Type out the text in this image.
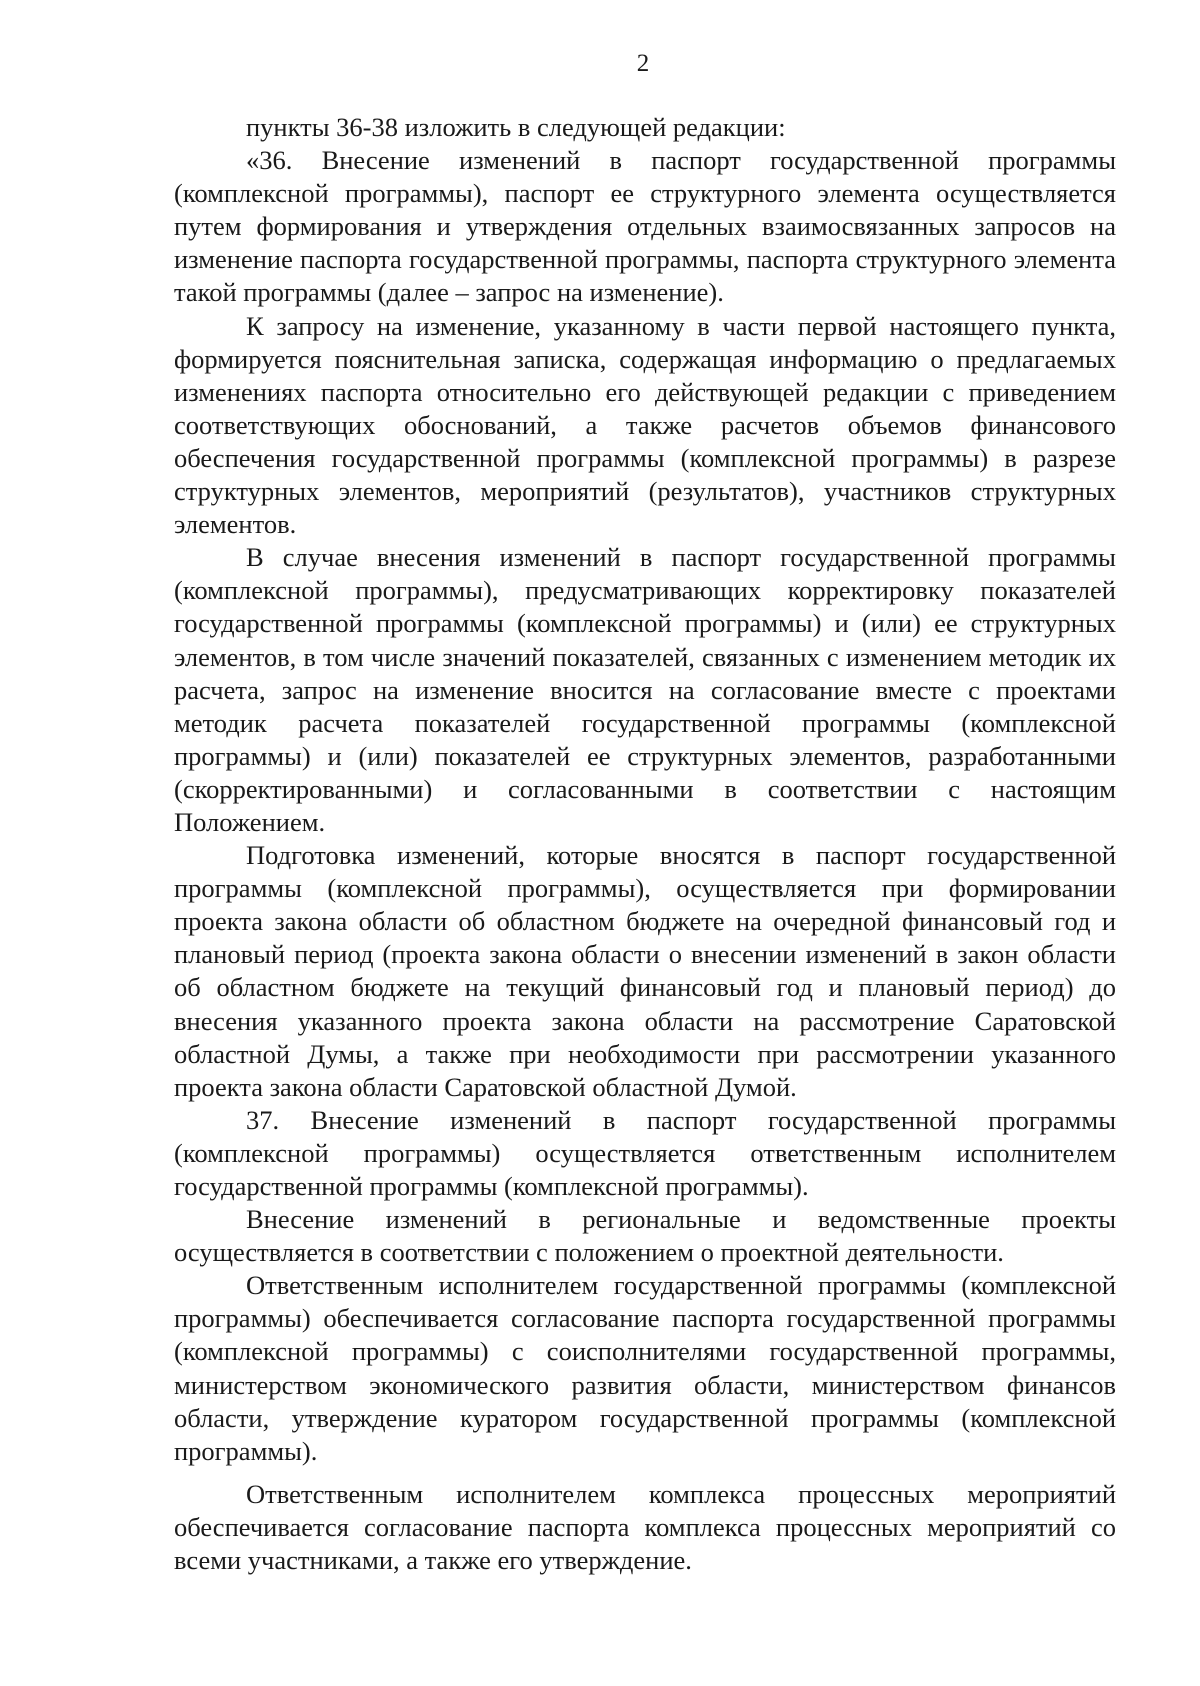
2

пункты 36-38 изложить в следующей редакции:

«36. Внесение изменений в паспорт государственной программы (комплексной программы), паспорт ее структурного элемента осуществляется путем формирования и утверждения отдельных взаимосвязанных запросов на изменение паспорта государственной программы, паспорта структурного элемента такой программы (далее – запрос на изменение).

К запросу на изменение, указанному в части первой настоящего пункта, формируется пояснительная записка, содержащая информацию о предлагаемых изменениях паспорта относительно его действующей редакции с приведением соответствующих обоснований, а также расчетов объемов финансового обеспечения государственной программы (комплексной программы) в разрезе структурных элементов, мероприятий (результатов), участников структурных элементов.

В случае внесения изменений в паспорт государственной программы (комплексной программы), предусматривающих корректировку показателей государственной программы (комплексной программы) и (или) ее структурных элементов, в том числе значений показателей, связанных с изменением методик их расчета, запрос на изменение вносится на согласование вместе с проектами методик расчета показателей государственной программы (комплексной программы) и (или) показателей ее структурных элементов, разработанными (скорректированными) и согласованными в соответствии с настоящим Положением.

Подготовка изменений, которые вносятся в паспорт государственной программы (комплексной программы), осуществляется при формировании проекта закона области об областном бюджете на очередной финансовый год и плановый период (проекта закона области о внесении изменений в закон области об областном бюджете на текущий финансовый год и плановый период) до внесения указанного проекта закона области на рассмотрение Саратовской областной Думы, а также при необходимости при рассмотрении указанного проекта закона области Саратовской областной Думой.

37. Внесение изменений в паспорт государственной программы (комплексной программы) осуществляется ответственным исполнителем государственной программы (комплексной программы).

Внесение изменений в региональные и ведомственные проекты осуществляется в соответствии с положением о проектной деятельности.

Ответственным исполнителем государственной программы (комплексной программы) обеспечивается согласование паспорта государственной программы (комплексной программы) с соисполнителями государственной программы, министерством экономического развития области, министерством финансов области, утверждение куратором государственной программы (комплексной программы).

Ответственным исполнителем комплекса процессных мероприятий обеспечивается согласование паспорта комплекса процессных мероприятий со всеми участниками, а также его утверждение.
